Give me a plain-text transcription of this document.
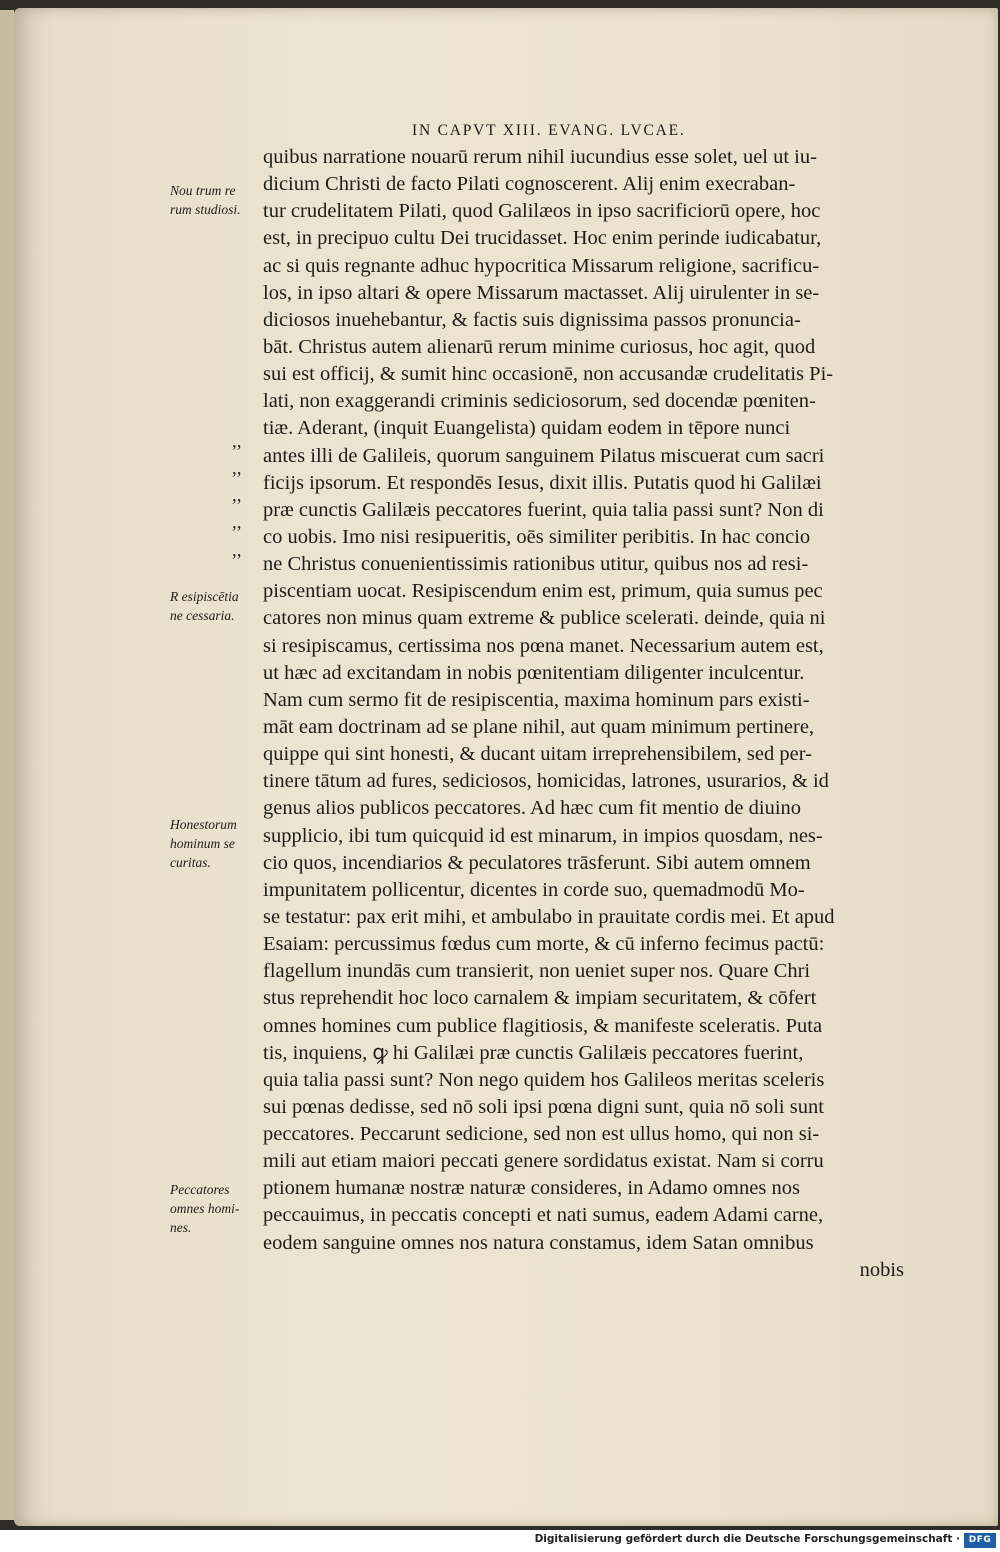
IN CAPVT XIII. EVANG. LVCAE.
Nou trum re
rum studiosi.
R esipiscētia
ne cessaria.
Honestorum
hominum se
curitas.
Peccatores
omnes homi-
nes.
,,
,,
,,
,,
,,
quibus narratione nouarū rerum nihil iucundius esse solet, uel ut iu-
dicium Christi de facto Pilati cognoscerent. Alij enim execraban-
tur crudelitatem Pilati, quod Galilæos in ipso sacrificiorū opere, hoc
est, in precipuo cultu Dei trucidasset. Hoc enim perinde iudicabatur,
ac si quis regnante adhuc hypocritica Missarum religione, sacrificu-
los, in ipso altari & opere Missarum mactasset. Alij uirulenter in se-
diciosos inuehebantur, & factis suis dignissima passos pronuncia-
bāt. Christus autem alienarū rerum minime curiosus, hoc agit, quod
sui est officij, & sumit hinc occasionē, non accusandæ crudelitatis Pi-
lati, non exaggerandi criminis sediciosorum, sed docendæ pœniten-
tiæ. Aderant, (inquit Euangelista) quidam eodem in tēpore nunci
antes illi de Galileis, quorum sanguinem Pilatus miscuerat cum sacri
ficijs ipsorum. Et respondēs Iesus, dixit illis. Putatis quod hi Galilæi
præ cunctis Galilæis peccatores fuerint, quia talia passi sunt? Non di
co uobis. Imo nisi resipueritis, oēs similiter peribitis. In hac concio
ne Christus conuenientissimis rationibus utitur, quibus nos ad resi-
piscentiam uocat. Resipiscendum enim est, primum, quia sumus pec
catores non minus quam extreme & publice scelerati. deinde, quia ni
si resipiscamus, certissima nos pœna manet. Necessarium autem est,
ut hæc ad excitandam in nobis pœnitentiam diligenter inculcentur.
Nam cum sermo fit de resipiscentia, maxima hominum pars existi-
māt eam doctrinam ad se plane nihil, aut quam minimum pertinere,
quippe qui sint honesti, & ducant uitam irreprehensibilem, sed per-
tinere tātum ad fures, sediciosos, homicidas, latrones, usurarios, & id
genus alios publicos peccatores. Ad hæc cum fit mentio de diuino
supplicio, ibi tum quicquid id est minarum, in impios quosdam, nes-
cio quos, incendiarios & peculatores trāsferunt. Sibi autem omnem
impunitatem pollicentur, dicentes in corde suo, quemadmodū Mo-
se testatur: pax erit mihi, et ambulabo in prauitate cordis mei. Et apud
Esaiam: percussimus fœdus cum morte, & cū inferno fecimus pactū:
flagellum inundās cum transierit, non ueniet super nos. Quare Chri
stus reprehendit hoc loco carnalem & impiam securitatem, & cōfert
omnes homines cum publice flagitiosis, & manifeste sceleratis. Puta
tis, inquiens, ꝙ hi Galilæi præ cunctis Galilæis peccatores fuerint,
quia talia passi sunt? Non nego quidem hos Galileos meritas sceleris
sui pœnas dedisse, sed nō soli ipsi pœna digni sunt, quia nō soli sunt
peccatores. Peccarunt sedicione, sed non est ullus homo, qui non si-
mili aut etiam maiori peccati genere sordidatus existat. Nam si corru
ptionem humanæ nostræ naturæ consideres, in Adamo omnes nos
peccauimus, in peccatis concepti et nati sumus, eadem Adami carne,
eodem sanguine omnes nos natura constamus, idem Satan omnibus
nobis
Digitalisierung gefördert durch die Deutsche Forschungsgemeinschaft · DFG
